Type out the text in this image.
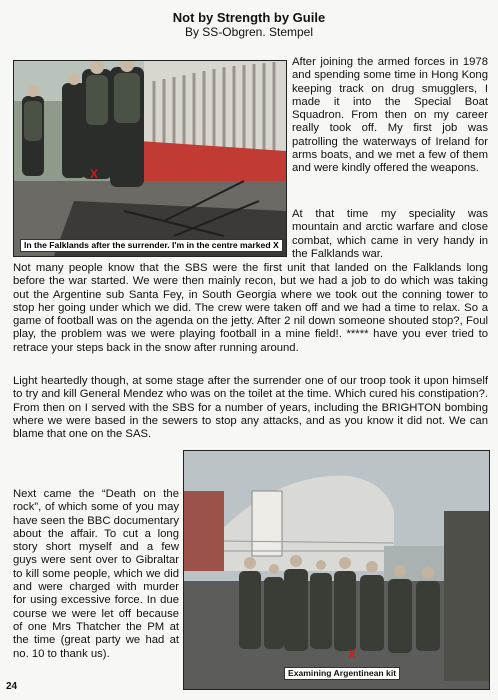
Not by Strength by Guile
By SS-Obgren. Stempel
In the Falklands after the surrender. I'm in the centre marked X
X

After joining the armed forces in 1978 and spending some time in Hong Kong keeping track on drug smugglers, I made it into the Special Boat Squadron. From then on my career really took off. My first job was patrolling the waterways of Ireland for arms boats, and we met a few of them and were kindly offered the weapons.

At that time my speciality was mountain and arctic warfare and close combat, which came in very handy in the Falklands war.

Not many people know that the SBS were the first unit that landed on the Falklands long before the war started. We were then mainly recon, but we had a job to do which was taking out the Argentine sub Santa Fey, in South Georgia where we took out the conning tower to stop her going under which we did. The crew were taken off and we had a time to relax. So a game of football was on the agenda on the jetty. After 2 nil down someone shouted stop?, Foul play, the problem was we were playing football in a mine field!. ***** have you ever tried to retrace your steps back in the snow after running around.

Light heartedly though, at some stage after the surrender one of our troop took it upon himself to try and kill General Mendez who was on the toilet at the time. Which cured his constipation?. From then on I served with the SBS for a number of years, including the BRIGHTON bombing where we were based in the sewers to stop any attacks, and as you know it did not. We can blame that one on the SAS.

X
Examining Argentinean kit

Next came the “Death on the rock”, of which some of you may have seen the BBC documentary about the affair. To cut a long story short myself and a few guys were sent over to Gibraltar to kill some people, which we did and were charged with murder for using excessive force. In due course we were let off because of one Mrs Thatcher the PM at the time (great party we had at no. 10 to thank us).

24
